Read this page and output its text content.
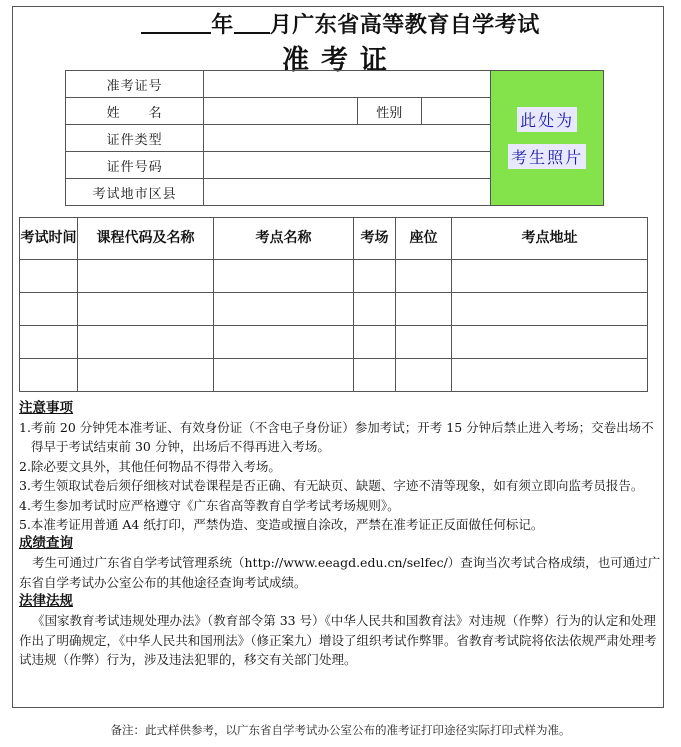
年 月广东省高等教育自学考试
准考证
准考证号				此处为
考生照片
姓　　名		性别		
证件类型				
证件号码				
考试地市区县				
考试时间	课程代码及名称	考点名称	考场	座位	考点地址

注意事项

1.考前 20 分钟凭本准考证、有效身份证（不含电子身份证）参加考试；开考 15 分钟后禁止进入考场；交卷出场不得早于考试结束前 30 分钟，出场后不得再进入考场。

2.除必要文具外，其他任何物品不得带入考场。

3.考生领取试卷后须仔细核对试卷课程是否正确、有无缺页、缺题、字迹不清等现象，如有须立即向监考员报告。

4.考生参加考试时应严格遵守《广东省高等教育自学考试考场规则》。

5.本准考证用普通 A4 纸打印，严禁伪造、变造或擅自涂改，严禁在准考证正反面做任何标记。

成绩查询

考生可通过广东省自学考试管理系统（http://www.eeagd.edu.cn/selfec/）查询当次考试合格成绩，也可通过广东省自学考试办公室公布的其他途径查询考试成绩。

法律法规

《国家教育考试违规处理办法》（教育部令第 33 号）《中华人民共和国教育法》对违规（作弊）行为的认定和处理作出了明确规定，《中华人民共和国刑法》（修正案九）增设了组织考试作弊罪。省教育考试院将依法依规严肃处理考试违规（作弊）行为，涉及违法犯罪的，移交有关部门处理。

备注：此式样供参考，以广东省自学考试办公室公布的准考证打印途径实际打印式样为准。
